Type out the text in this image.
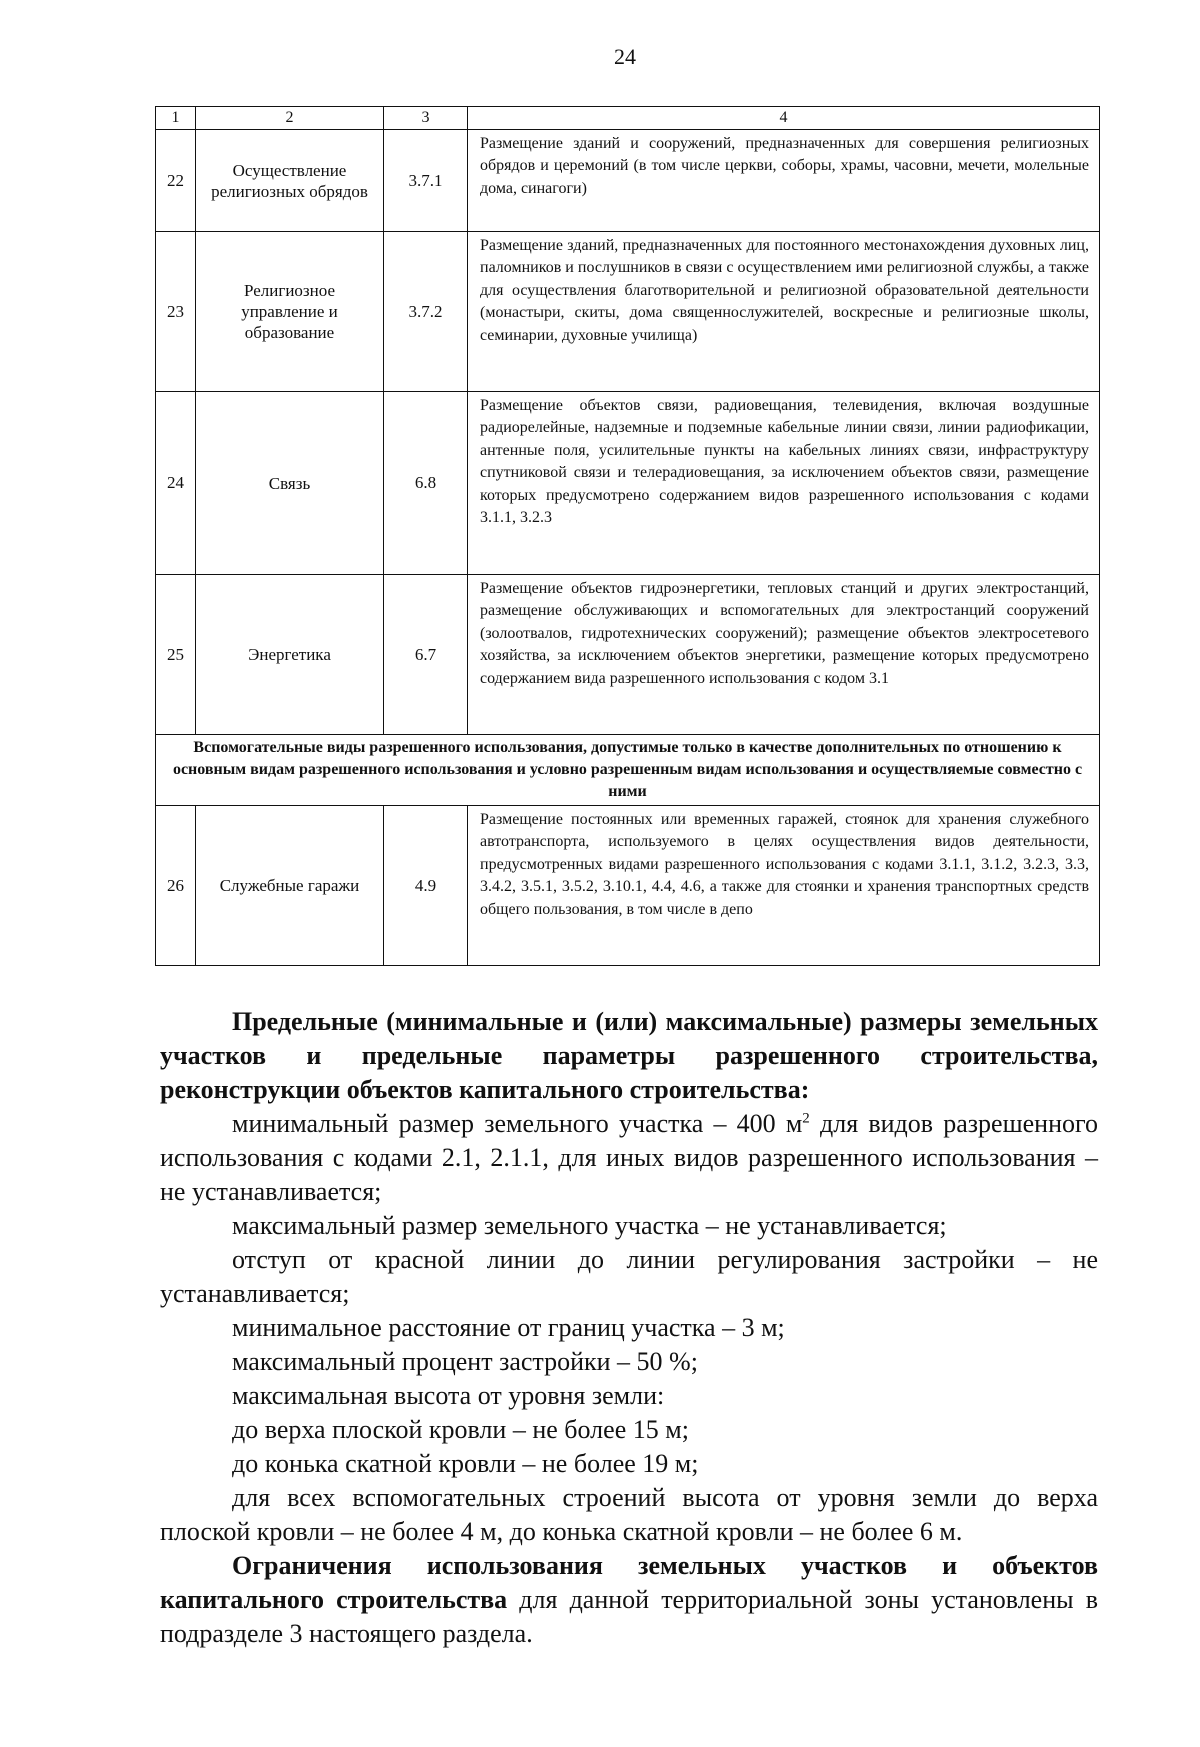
24
1	2	3	4
22	Осуществление религиозных обрядов	3.7.1	Размещение зданий и сооружений, предназначенных для совершения религиозных обрядов и церемоний (в том числе церкви, соборы, храмы, часовни, мечети, молельные дома, синагоги)

23	Религиозное управление и образование	3.7.2	Размещение зданий, предназначенных для постоянного местонахождения духовных лиц, паломников и послушников в связи с осуществлением ими религиозной службы, а также для осуществления благотворительной и религиозной образовательной деятельности (монастыри, скиты, дома священнослужителей, воскресные и религиозные школы, семинарии, духовные училища)

24	Связь	6.8	Размещение объектов связи, радиовещания, телевидения, включая воздушные радиорелейные, надземные и подземные кабельные линии связи, линии радиофикации, антенные поля, усилительные пункты на кабельных линиях связи, инфраструктуру спутниковой связи и телерадиовещания, за исключением объектов связи, размещение которых предусмотрено содержанием видов разрешенного использования с кодами 3.1.1, 3.2.3

25	Энергетика	6.7	Размещение объектов гидроэнергетики, тепловых станций и других электростанций, размещение обслуживающих и вспомогательных для электростанций сооружений (золоотвалов, гидротехнических сооружений); размещение объектов электросетевого хозяйства, за исключением объектов энергетики, размещение которых предусмотрено содержанием вида разрешенного использования с кодом 3.1

Вспомогательные виды разрешенного использования, допустимые только в качестве дополнительных по отношению к основным видам разрешенного использования и условно разрешенным видам использования и осуществляемые совместно с ними			
26	Служебные гаражи	4.9	Размещение постоянных или временных гаражей, стоянок для хранения служебного автотранспорта, используемого в целях осуществления видов деятельности, предусмотренных видами разрешенного использования с кодами 3.1.1, 3.1.2, 3.2.3, 3.3, 3.4.2, 3.5.1, 3.5.2, 3.10.1, 4.4, 4.6, а также для стоянки и хранения транспортных средств общего пользования, в том числе в депо

Предельные (минимальные и (или) максимальные) размеры земельных участков и предельные параметры разрешенного строительства, реконструкции объектов капитального строительства:

минимальный размер земельного участка – 400 $м^2$ для видов разрешенного использования с кодами 2.1, 2.1.1, для иных видов разрешенного использования – не устанавливается;

максимальный размер земельного участка – не устанавливается;

отступ от красной линии до линии регулирования застройки – не устанавливается;

минимальное расстояние от границ участка – 3 м;

максимальный процент застройки – 50 %;

максимальная высота от уровня земли:

до верха плоской кровли – не более 15 м;

до конька скатной кровли – не более 19 м;

для всех вспомогательных строений высота от уровня земли до верха плоской кровли – не более 4 м, до конька скатной кровли – не более 6 м.

Ограничения использования земельных участков и объектов капитального строительства для данной территориальной зоны установлены в подразделе 3 настоящего раздела.
